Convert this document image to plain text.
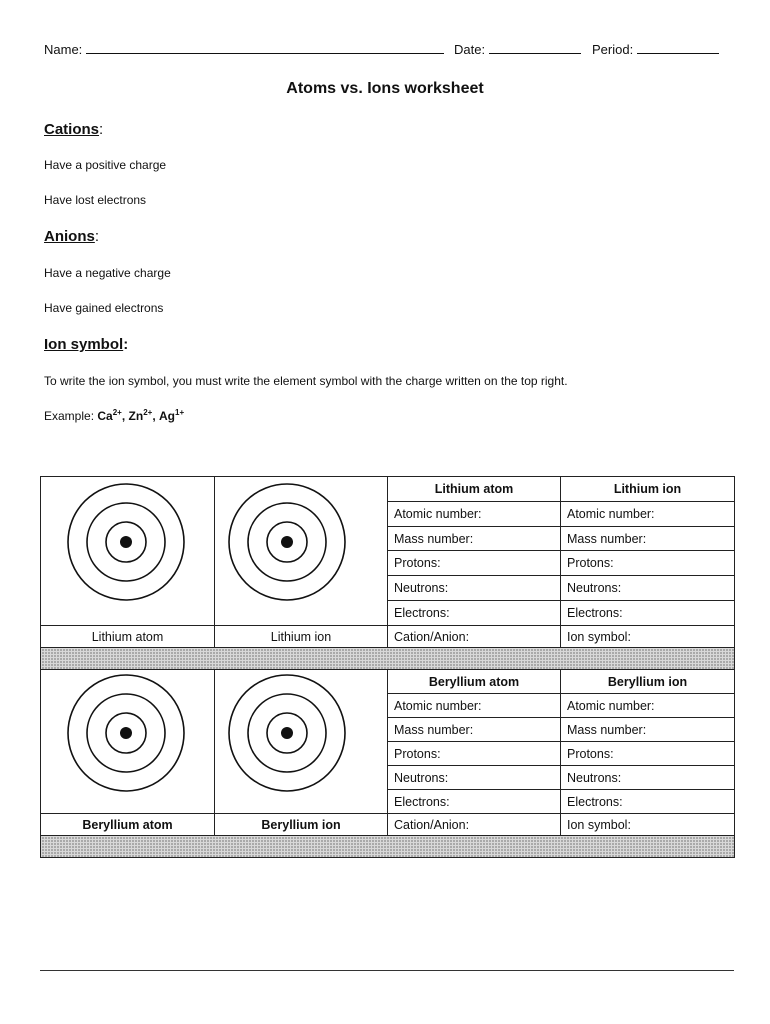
Name:	Date:	Period:
Atoms vs. Ions worksheet
Cations:
Have a positive charge
Have lost electrons
Anions:
Have a negative charge
Have gained electrons
Ion symbol:
To write the ion symbol, you must write the element symbol with the charge written on the top right.
Example: $Ca^{2+}$, $Zn^{2+}$, $Ag^{1+}$
		Lithium atom	Lithium ion
		Atomic number:	Atomic number:
		Mass number:	Mass number:
		Protons:	Protons:
		Neutrons:	Neutrons:
		Electrons:	Electrons:
Lithium atom	Lithium ion	Cation/Anion:	Ion symbol:

		Beryllium atom	Beryllium ion
		Atomic number:	Atomic number:
		Mass number:	Mass number:
		Protons:	Protons:
		Neutrons:	Neutrons:
		Electrons:	Electrons:
Beryllium atom	Beryllium ion	Cation/Anion:	Ion symbol:
